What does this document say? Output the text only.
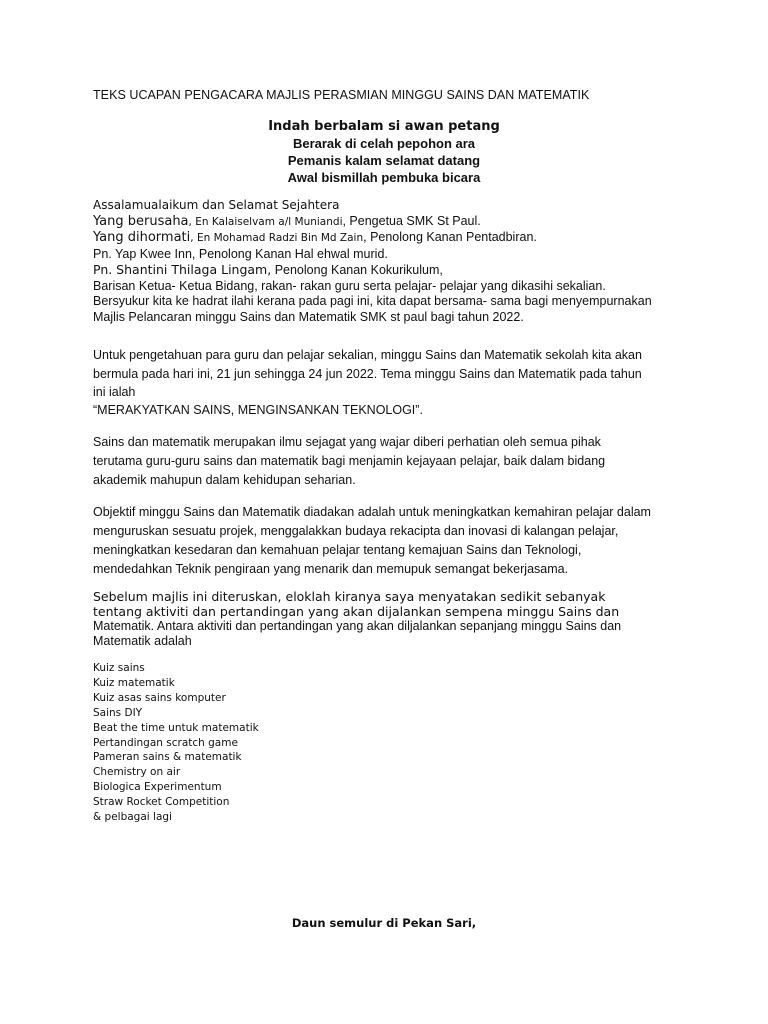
TEKS UCAPAN PENGACARA MAJLIS PERASMIAN MINGGU SAINS DAN MATEMATIK
Indah berbalam si awan petang
Berarak di celah pepohon ara
Pemanis kalam selamat datang
Awal bismillah pembuka bicara
Assalamualaikum dan Selamat Sejahtera
Yang berusaha, En Kalaiselvam a/l Muniandi, Pengetua SMK St Paul.
Yang dihormati, En Mohamad Radzi Bin Md Zain, Penolong Kanan Pentadbiran.
Pn. Yap Kwee Inn, Penolong Kanan Hal ehwal murid.
Pn. Shantini Thilaga Lingam, Penolong Kanan Kokurikulum,
Barisan Ketua- Ketua Bidang, rakan- rakan guru serta pelajar- pelajar yang dikasihi sekalian.
Bersyukur kita ke hadrat ilahi kerana pada pagi ini, kita dapat bersama- sama bagi menyempurnakan
Majlis Pelancaran minggu Sains dan Matematik SMK st paul bagi tahun 2022.
Untuk pengetahuan para guru dan pelajar sekalian, minggu Sains dan Matematik sekolah kita akan
bermula pada hari ini, 21 jun sehingga 24 jun 2022. Tema minggu Sains dan Matematik pada tahun
ini ialah
“MERAKYATKAN SAINS, MENGINSANKAN TEKNOLOGI”.
Sains dan matematik merupakan ilmu sejagat yang wajar diberi perhatian oleh semua pihak
terutama guru-guru sains dan matematik bagi menjamin kejayaan pelajar, baik dalam bidang
akademik mahupun dalam kehidupan seharian.
Objektif minggu Sains dan Matematik diadakan adalah untuk meningkatkan kemahiran pelajar dalam
menguruskan sesuatu projek, menggalakkan budaya rekacipta dan inovasi di kalangan pelajar,
meningkatkan kesedaran dan kemahuan pelajar tentang kemajuan Sains dan Teknologi,
mendedahkan Teknik pengiraan yang menarik dan memupuk semangat bekerjasama.
Sebelum majlis ini diteruskan, eloklah kiranya saya menyatakan sedikit sebanyak
tentang aktiviti dan pertandingan yang akan dijalankan sempena minggu Sains dan
Matematik. Antara aktiviti dan pertandingan yang akan diljalankan sepanjang minggu Sains dan
Matematik adalah
Kuiz sains
Kuiz matematik
Kuiz asas sains komputer
Sains DIY
Beat the time untuk matematik
Pertandingan scratch game
Pameran sains & matematik
Chemistry on air
Biologica Experimentum
Straw Rocket Competition
& pelbagai lagi
Daun semulur di Pekan Sari,
